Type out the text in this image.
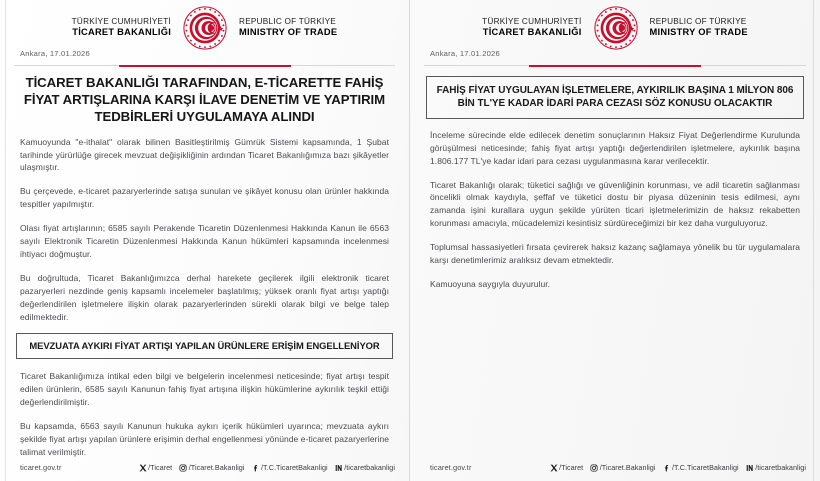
TÜRKİYE CUMHURİYETİ
TİCARET BAKANLIĞI
REPUBLIC OF TÜRKİYE
MINISTRY OF TRADE
Ankara, 17.01.2026
TİCARET BAKANLIĞI TARAFINDAN, E-TİCARETTE FAHİŞ FİYAT ARTIŞLARINA KARŞI İLAVE DENETİM VE YAPTIRIM TEDBİRLERİ UYGULAMAYA ALINDI

Kamuoyunda "e-ithalat" olarak bilinen Basitleştirilmiş Gümrük Sistemi kapsamında, 1 Şubat tarihinde yürürlüğe girecek mevzuat değişikliğinin ardından Ticaret Bakanlığımıza bazı şikâyetler ulaşmıştır.

Bu çerçevede, e-ticaret pazaryerlerinde satışa sunulan ve şikâyet konusu olan ürünler hakkında tespitler yapılmıştır.

Olası fiyat artışlarının; 6585 sayılı Perakende Ticaretin Düzenlenmesi Hakkında Kanun ile 6563 sayılı Elektronik Ticaretin Düzenlenmesi Hakkında Kanun hükümleri kapsamında incelenmesi ihtiyacı doğmuştur.

Bu doğrultuda, Ticaret Bakanlığımızca derhal harekete geçilerek ilgili elektronik ticaret pazaryerleri nezdinde geniş kapsamlı incelemeler başlatılmış; yüksek oranlı fiyat artışı yaptığı değerlendirilen işletmelere ilişkin olarak pazaryerlerinden sürekli olarak bilgi ve belge talep edilmektedir.

MEVZUATA AYKIRI FİYAT ARTIŞI YAPILAN ÜRÜNLERE ERİŞİM ENGELLENİYOR

Ticaret Bakanlığımıza intikal eden bilgi ve belgelerin incelenmesi neticesinde; fiyat artışı tespit edilen ürünlerin, 6585 sayılı Kanunun fahiş fiyat artışına ilişkin hükümlerine aykırılık teşkil ettiği değerlendirilmiştir.

Bu kapsamda, 6563 sayılı Kanunun hukuka aykırı içerik hükümleri uyarınca; mevzuata aykırı şekilde fiyat artışı yapılan ürünlere erişimin derhal engellenmesi yönünde e-ticaret pazaryerlerine talimat verilmiştir.

ticaret.gov.tr	/Ticaret /Ticaret.Bakanligi /T.C.TicaretBakanligi /ticaretbakanligi
TÜRKİYE CUMHURİYETİ
TİCARET BAKANLIĞI
REPUBLIC OF TÜRKİYE
MINISTRY OF TRADE
Ankara, 17.01.2026
FAHİŞ FİYAT UYGULAYAN İŞLETMELERE, AYKIRILIK BAŞINA 1 MİLYON 806 BİN TL'YE KADAR İDARİ PARA CEZASI SÖZ KONUSU OLACAKTIR

İnceleme sürecinde elde edilecek denetim sonuçlarının Haksız Fiyat Değerlendirme Kurulunda görüşülmesi neticesinde; fahiş fiyat artışı yaptığı değerlendirilen işletmelere, aykırılık başına 1.806.177 TL'ye kadar idari para cezası uygulanmasına karar verilecektir.

Ticaret Bakanlığı olarak; tüketici sağlığı ve güvenliğinin korunması, ve adil ticaretin sağlanması öncelikli olmak kaydıyla, şeffaf ve tüketici dostu bir piyasa düzeninin tesis edilmesi, aynı zamanda işini kurallara uygun şekilde yürüten ticari işletmelerimizin de haksız rekabetten korunması amacıyla, mücadelemizi kesintisiz sürdüreceğimizi bir kez daha vurguluyoruz.

Toplumsal hassasiyetleri fırsata çevirerek haksız kazanç sağlamaya yönelik bu tür uygulamalara karşı denetimlerimiz aralıksız devam etmektedir.

Kamuoyuna saygıyla duyurulur.

ticaret.gov.tr	/Ticaret /Ticaret.Bakanligi /T.C.TicaretBakanligi /ticaretbakanligi
